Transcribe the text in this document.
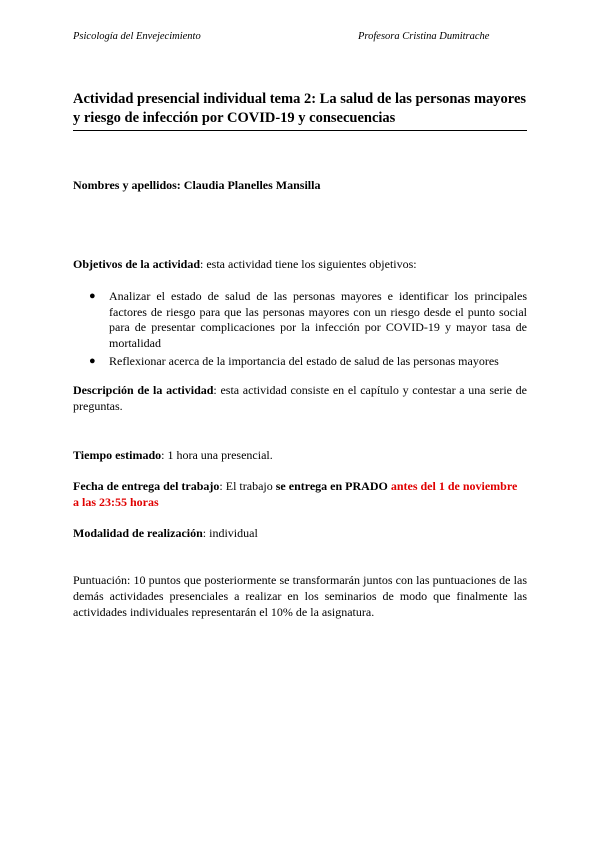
Psicología del Envejecimiento	Profesora Cristina Dumitrache
Actividad presencial individual tema 2: La salud de las personas mayores y riesgo de infección por COVID-19 y consecuencias
Nombres y apellidos: Claudia Planelles Mansilla
Objetivos de la actividad: esta actividad tiene los siguientes objetivos:
● Analizar el estado de salud de las personas mayores e identificar los principales factores de riesgo para que las personas mayores con un riesgo desde el punto social para de presentar complicaciones por la infección por COVID-19 y mayor tasa de mortalidad
● Reflexionar acerca de la importancia del estado de salud de las personas mayores
Descripción de la actividad: esta actividad consiste en el capítulo y contestar a una serie de preguntas.
Tiempo estimado: 1 hora una presencial.
Fecha de entrega del trabajo: El trabajo se entrega en PRADO antes del 1 de noviembre a las 23:55 horas
Modalidad de realización: individual
Puntuación: 10 puntos que posteriormente se transformarán juntos con las puntuaciones de las demás actividades presenciales a realizar en los seminarios de modo que finalmente las actividades individuales representarán el 10% de la asignatura.
